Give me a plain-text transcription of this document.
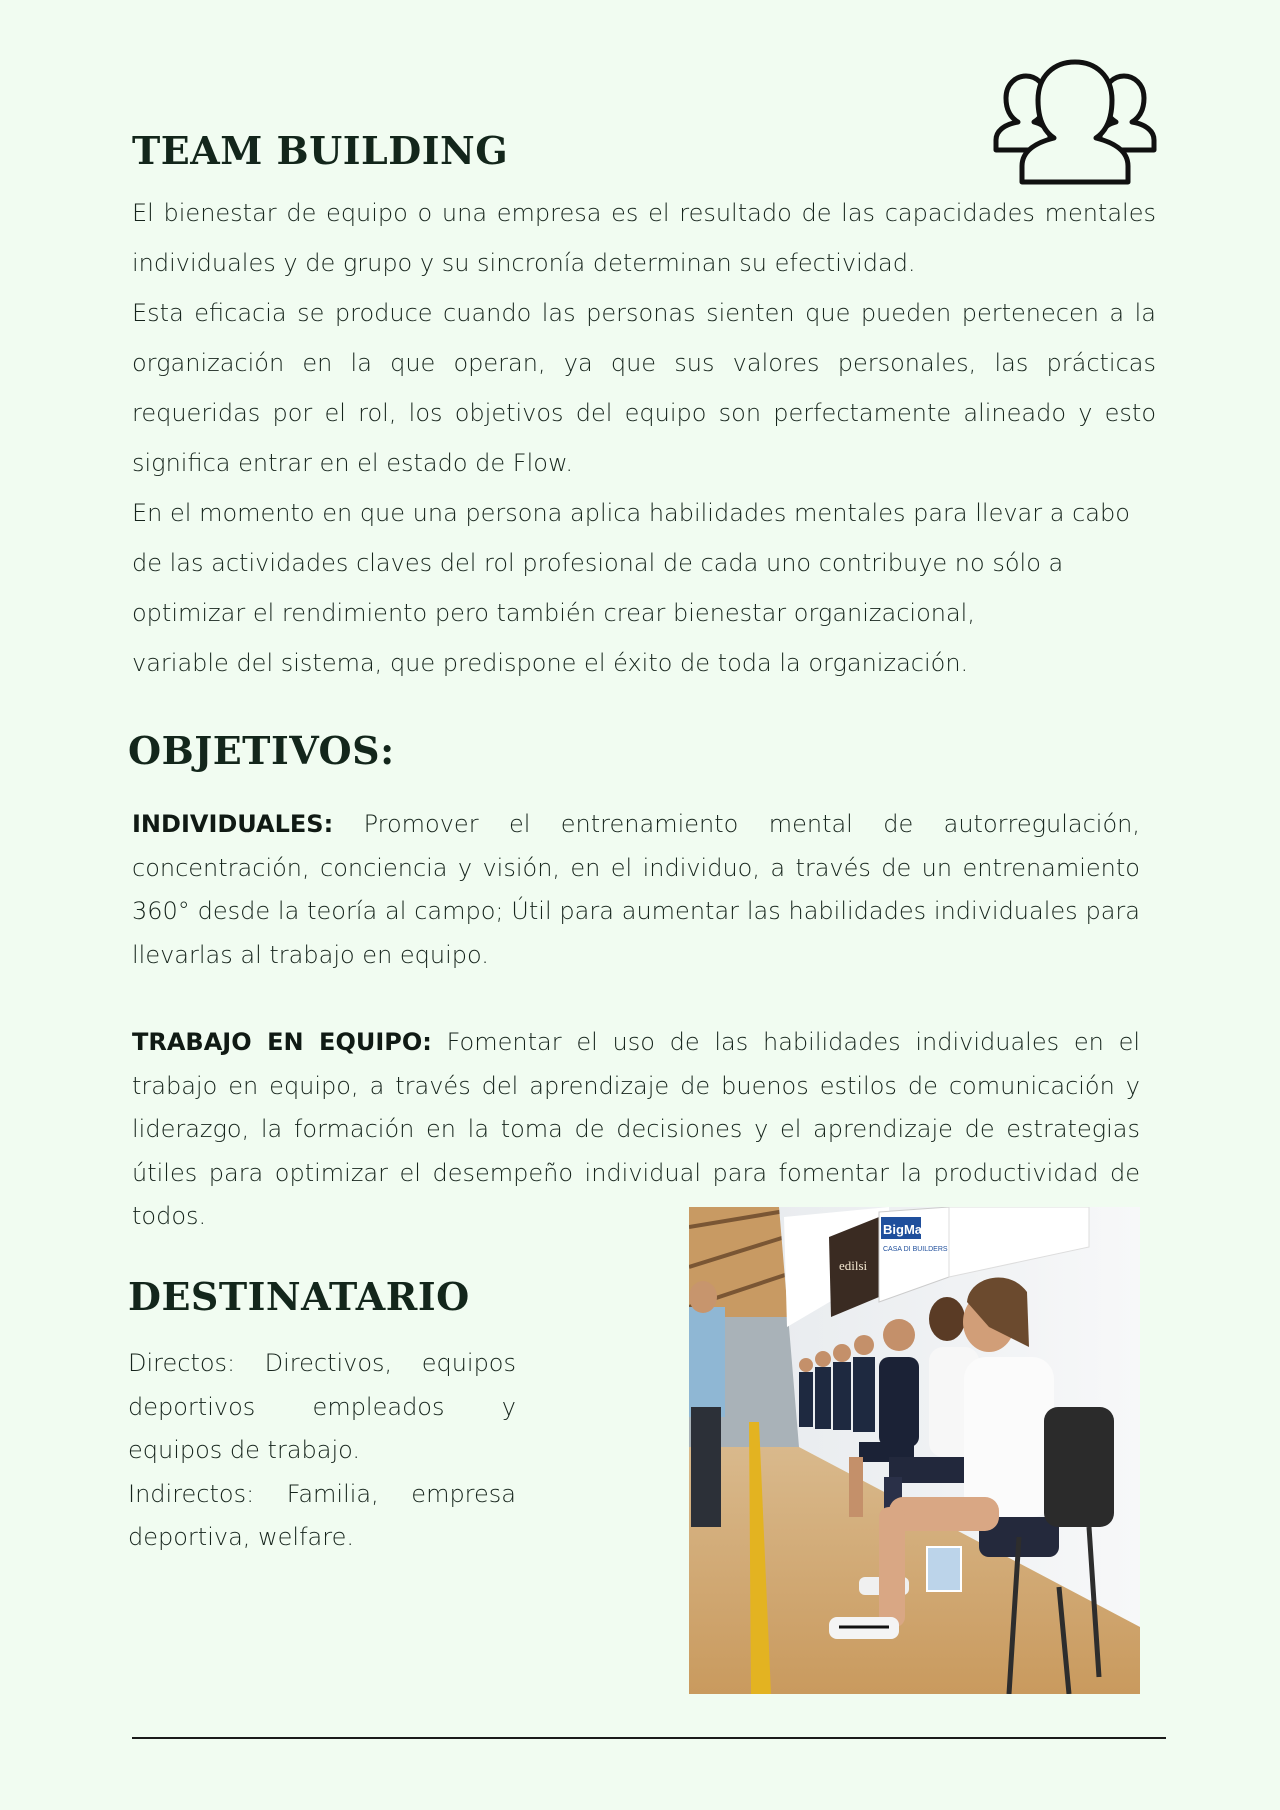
TEAM BUILDING
El bienestar de equipo o una empresa es el resultado de las capacidades mentales
individuales y de grupo y su sincronía determinan su efectividad.
Esta eficacia se produce cuando las personas sienten que pueden pertenecen a la
organización en la que operan, ya que sus valores personales, las prácticas
requeridas por el rol, los objetivos del equipo son perfectamente alineado y esto
significa entrar en el estado de Flow.
En el momento en que una persona aplica habilidades mentales para llevar a cabo
de las actividades claves del rol profesional de cada uno contribuye no sólo a
optimizar el rendimiento pero también crear bienestar organizacional,
variable del sistema, que predispone el éxito de toda la organización.
OBJETIVOS:

INDIVIDUALES: Promover el entrenamiento mental de autorregulación, concentración, conciencia y visión, en el individuo, a través de un entrenamiento 360° desde la teoría al campo; Útil para aumentar las habilidades individuales para llevarlas al trabajo en equipo.

TRABAJO EN EQUIPO: Fomentar el uso de las habilidades individuales en el trabajo en equipo, a través del aprendizaje de buenos estilos de comunicación y liderazgo, la formación en la toma de decisiones y el aprendizaje de estrategias útiles para optimizar el desempeño individual para fomentar la productividad de todos.

DESTINATARIO

Directos: Directivos, equipos deportivos empleados y equipos de trabajo.
Indirectos: Familia, empresa deportiva, welfare.

BigMat
CASA DI BUILDERS
edilsi
